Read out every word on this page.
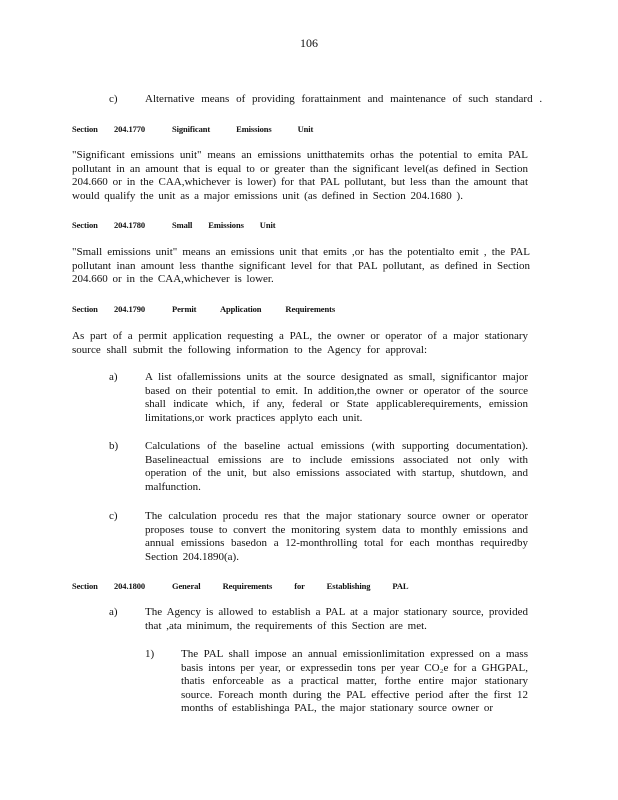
106
c) Alternative means of providing forattainment and maintenance of such standard .
Section 204.1770	Significant Emissions Unit
"Significant emissions unit" means an emissions unitthatemits orhas the potential to emita PAL pollutant in an amount that is equal to or greater than the significant level(as defined in Section 204.660 or in the CAA,whichever is lower) for that PAL pollutant, but less than the amount that would qualify the unit as a major emissions unit (as defined in Section 204.1680 ).
Section 204.1780	Small Emissions Unit
"Small emissions unit" means an emissions unit that emits ,or has the potentialto emit , the PAL pollutant inan amount less thanthe significant level for that PAL pollutant, as defined in Section 204.660 or in the CAA,whichever is lower.
Section 204.1790	Permit Application Requirements
As part of a permit application requesting a PAL, the owner or operator of a major stationary source shall submit the following information to the Agency for approval:
a) A list ofallemissions units at the source designated as small, significantor major based on their potential to emit. In addition,the owner or operator of the source shall indicate which, if any, federal or State applicablerequirements, emission limitations,or work practices applyto each unit.
b) Calculations of the baseline actual emissions (with supporting documentation). Baselineactual emissions are to include emissions associated not only with operation of the unit, but also emissions associated with startup, shutdown, and malfunction.
c) The calculation procedu res that the major stationary source owner or operator proposes touse to convert the monitoring system data to monthly emissions and annual emissions basedon a 12-monthrolling total for each monthas requiredby Section 204.1890(a).
Section 204.1800	General Requirements for Establishing PAL
a) The Agency is allowed to establish a PAL at a major stationary source, provided that ,ata minimum, the requirements of this Section are met.
1) The PAL shall impose an annual emissionlimitation expressed on a mass basis intons per year, or expressedin tons per year CO₂e for a GHGPAL, thatis enforceable as a practical matter, forthe entire major stationary source. Foreach month during the PAL effective period after the first 12 months of establishinga PAL, the major stationary source owner or
